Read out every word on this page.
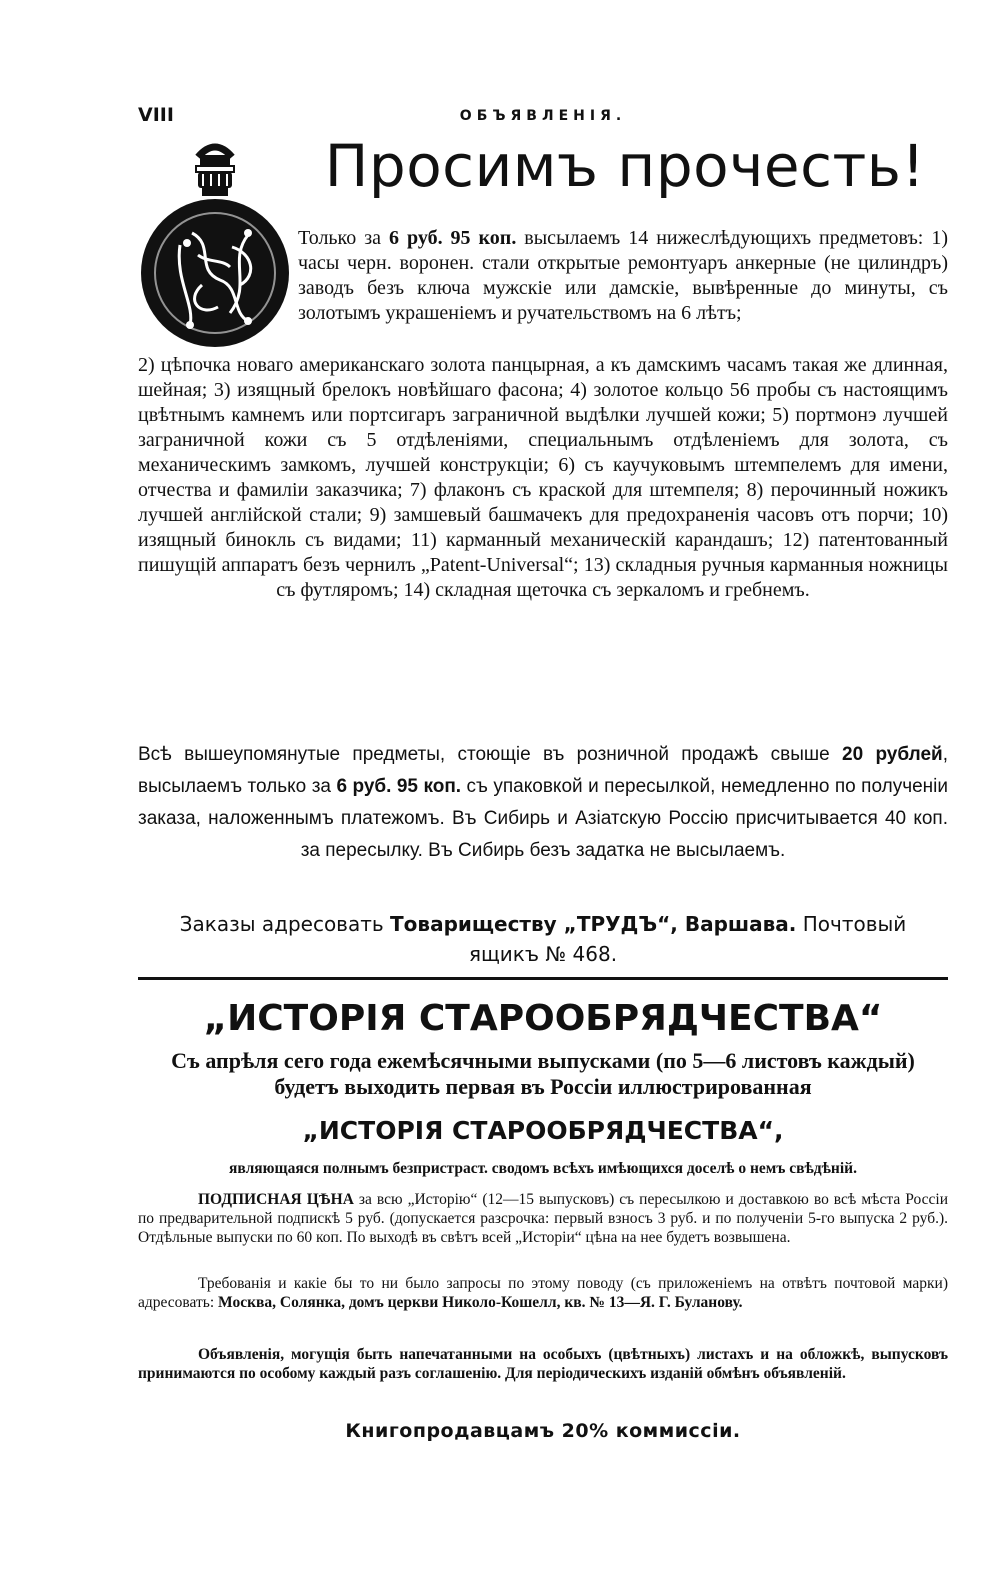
VIII	ОБЪЯВЛЕНІЯ.
Просимъ прочесть!
Только за 6 руб. 95 коп. высылаемъ 14 нижеслѣдующихъ предметовъ: 1) часы черн. воронен. стали открытые ремонтуаръ анкерные (не цилиндръ) заводъ безъ ключа мужскіе или дамскіе, вывѣренные до минуты, съ золотымъ украшеніемъ и ручательствомъ на 6 лѣтъ;
2) цѣпочка новаго американскаго золота панцырная, а къ дамскимъ часамъ такая же длинная, шейная; 3) изящный брелокъ новѣйшаго фасона; 4) золотое кольцо 56 пробы съ настоящимъ цвѣтнымъ камнемъ или портсигаръ заграничной выдѣлки лучшей кожи; 5) портмонэ лучшей заграничной кожи съ 5 отдѣленіями, специальнымъ отдѣленіемъ для золота, съ механическимъ замкомъ, лучшей конструкціи; 6) съ каучуковымъ штемпелемъ для имени, отчества и фамиліи заказчика; 7) флаконъ съ краской для штемпеля; 8) перочинный ножикъ лучшей англійской стали; 9) замшевый башмачекъ для предохраненія часовъ отъ порчи; 10) изящный бинокль съ видами; 11) карманный механическій карандашъ; 12) патентованный пишущій аппаратъ безъ чернилъ „Patent-Universal“; 13) складныя ручныя карманныя ножницы съ футляромъ; 14) складная щеточка съ зеркаломъ и гребнемъ.
Всѣ вышеупомянутые предметы, стоющіе въ розничной продажѣ свыше 20 рублей, высылаемъ только за 6 руб. 95 коп. съ упаковкой и пересылкой, немедленно по полученіи заказа, наложеннымъ платежомъ. Въ Сибирь и Азіатскую Россію присчитывается 40 коп. за пересылку. Въ Сибирь безъ задатка не высылаемъ.
Заказы адресовать Товариществу „ТРУДЪ“, Варшава. Почтовый ящикъ № 468.
„ИСТОРІЯ СТАРООБРЯДЧЕСТВА“
Съ апрѣля сего года ежемѣсячными выпусками (по 5—6 листовъ каждый) будетъ выходить первая въ Россіи иллюстрированная
„ИСТОРІЯ СТАРООБРЯДЧЕСТВА“,
являющаяся полнымъ безпристраст. сводомъ всѣхъ имѣющихся доселѣ о немъ свѣдѣній.
ПОДПИСНАЯ ЦѢНА за всю „Исторію“ (12—15 выпусковъ) съ пересылкою и доставкою во всѣ мѣста Россіи по предварительной подпискѣ 5 руб. (допускается разсрочка: первый взносъ 3 руб. и по полученіи 5-го выпуска 2 руб.). Отдѣльные выпуски по 60 коп. По выходѣ въ свѣтъ всей „Исторіи“ цѣна на нее будетъ возвышена.
Требованія и какіе бы то ни было запросы по этому поводу (съ приложеніемъ на отвѣтъ почтовой марки) адресовать: Москва, Солянка, домъ церкви Николо-Кошелл, кв. № 13—Я. Г. Буланову.
Объявленія, могущія быть напечатанными на особыхъ (цвѣтныхъ) листахъ и на обложкѣ, выпусковъ принимаются по особому каждый разъ соглашенію. Для періодическихъ изданій обмѣнъ объявленій.
Книгопродавцамъ 20% коммиссіи.
